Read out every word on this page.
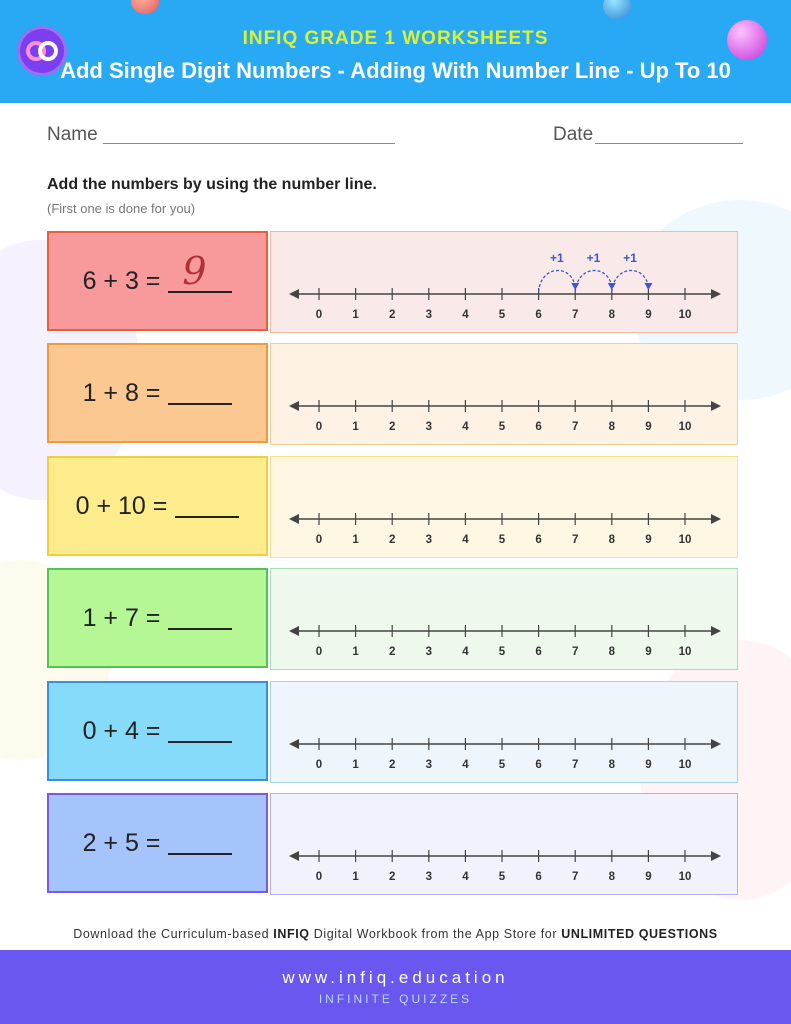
INFIQ GRADE 1 WORKSHEETS
Add Single Digit Numbers - Adding With Number Line - Up To 10
Name	Date
Add the numbers by using the number line.
(First one is done for you)
6 + 3 = 9
0	1	2	3	4	5	6	7	8	9 10
+1 +1 +1
1 + 8 =
0	1	2	3	4	5	6	7	8	9 10
0 + 10 =
0	1	2	3	4	5	6	7	8	9 10
1 + 7 =
0	1	2	3	4	5	6	7	8	9 10
0 + 4 =
0	1	2	3	4	5	6	7	8	9 10
2 + 5 =
0	1	2	3	4	5	6	7	8	9 10
Download the Curriculum-based INFIQ Digital Workbook from the App Store for UNLIMITED QUESTIONS
www.infiq.education
INFINITE QUIZZES
